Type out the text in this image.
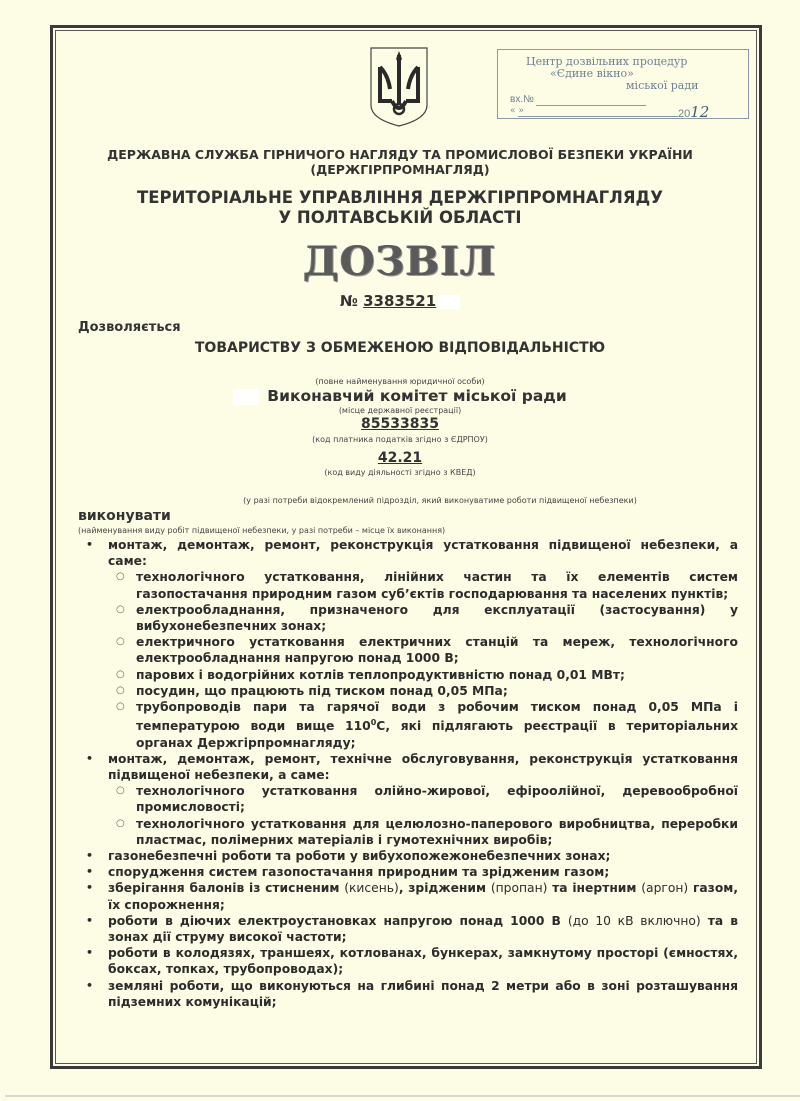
Центр дозвільних процедур
«Єдине вікно»
міської ради
вх.№
« »	2012
ДЕРЖАВНА СЛУЖБА ГІРНИЧОГО НАГЛЯДУ ТА ПРОМИСЛОВОЇ БЕЗПЕКИ УКРАЇНИ
(ДЕРЖГІРПРОМНАГЛЯД)
ТЕРИТОРІАЛЬНЕ УПРАВЛІННЯ ДЕРЖГІРПРОМНАГЛЯДУ
У ПОЛТАВСЬКІЙ ОБЛАСТІ
ДОЗВІЛ
№ 3383521
Дозволяється
ТОВАРИСТВУ З ОБМЕЖЕНОЮ ВІДПОВІДАЛЬНІСТЮ
(повне найменування юридичної особи)
Виконавчий комітет міської ради
(місце державної реєстрації)
85533835
(код платника податків згідно з ЄДРПОУ)
42.21
(код виду діяльності згідно з КВЕД)
(у разі потреби відокремлений підрозділ, який виконуватиме роботи підвищеної небезпеки)
виконувати
(найменування виду робіт підвищеної небезпеки, у разі потреби – місце їх виконання)
• монтаж, демонтаж, ремонт, реконструкція устатковання підвищеної небезпеки, а саме:
○ технологічного устатковання, лінійних частин та їх елементів систем газопостачання природним газом суб’єктів господарювання та населених пунктів;
○ електрообладнання, призначеного для експлуатації (застосування) у вибухонебезпечних зонах;
○ електричного устатковання електричних станцій та мереж, технологічного електрообладнання напругою понад 1000 В;
○ парових і водогрійних котлів теплопродуктивністю понад 0,01 МВт;
○ посудин, що працюють під тиском понад 0,05 МПа;
○ трубопроводів пари та гарячої води з робочим тиском понад 0,05 МПа і температурою води вище $110^0С$, які підлягають реєстрації в територіальних органах Держгірпромнагляду;
• монтаж, демонтаж, ремонт, технічне обслуговування, реконструкція устатковання підвищеної небезпеки, а саме:
○ технологічного устатковання олійно-жирової, ефіроолійної, деревообробної промисловості;
○ технологічного устатковання для целюлозно-паперового виробництва, переробки пластмас, полімерних матеріалів і гумотехнічних виробів;
• газонебезпечні роботи та роботи у вибухопожежонебезпечних зонах;
• спорудження систем газопостачання природним та зрідженим газом;
• зберігання балонів із стисненим (кисень), зрідженим (пропан) та інертним (аргон) газом, їх спорожнення;
• роботи в діючих електроустановках напругою понад 1000 В (до 10 кВ включно) та в зонах дії струму високої частоти;
• роботи в колодязях, траншеях, котлованах, бункерах, замкнутому просторі (ємностях, боксах, топках, трубопроводах);
• земляні роботи, що виконуються на глибині понад 2 метри або в зоні розташування підземних комунікацій;
